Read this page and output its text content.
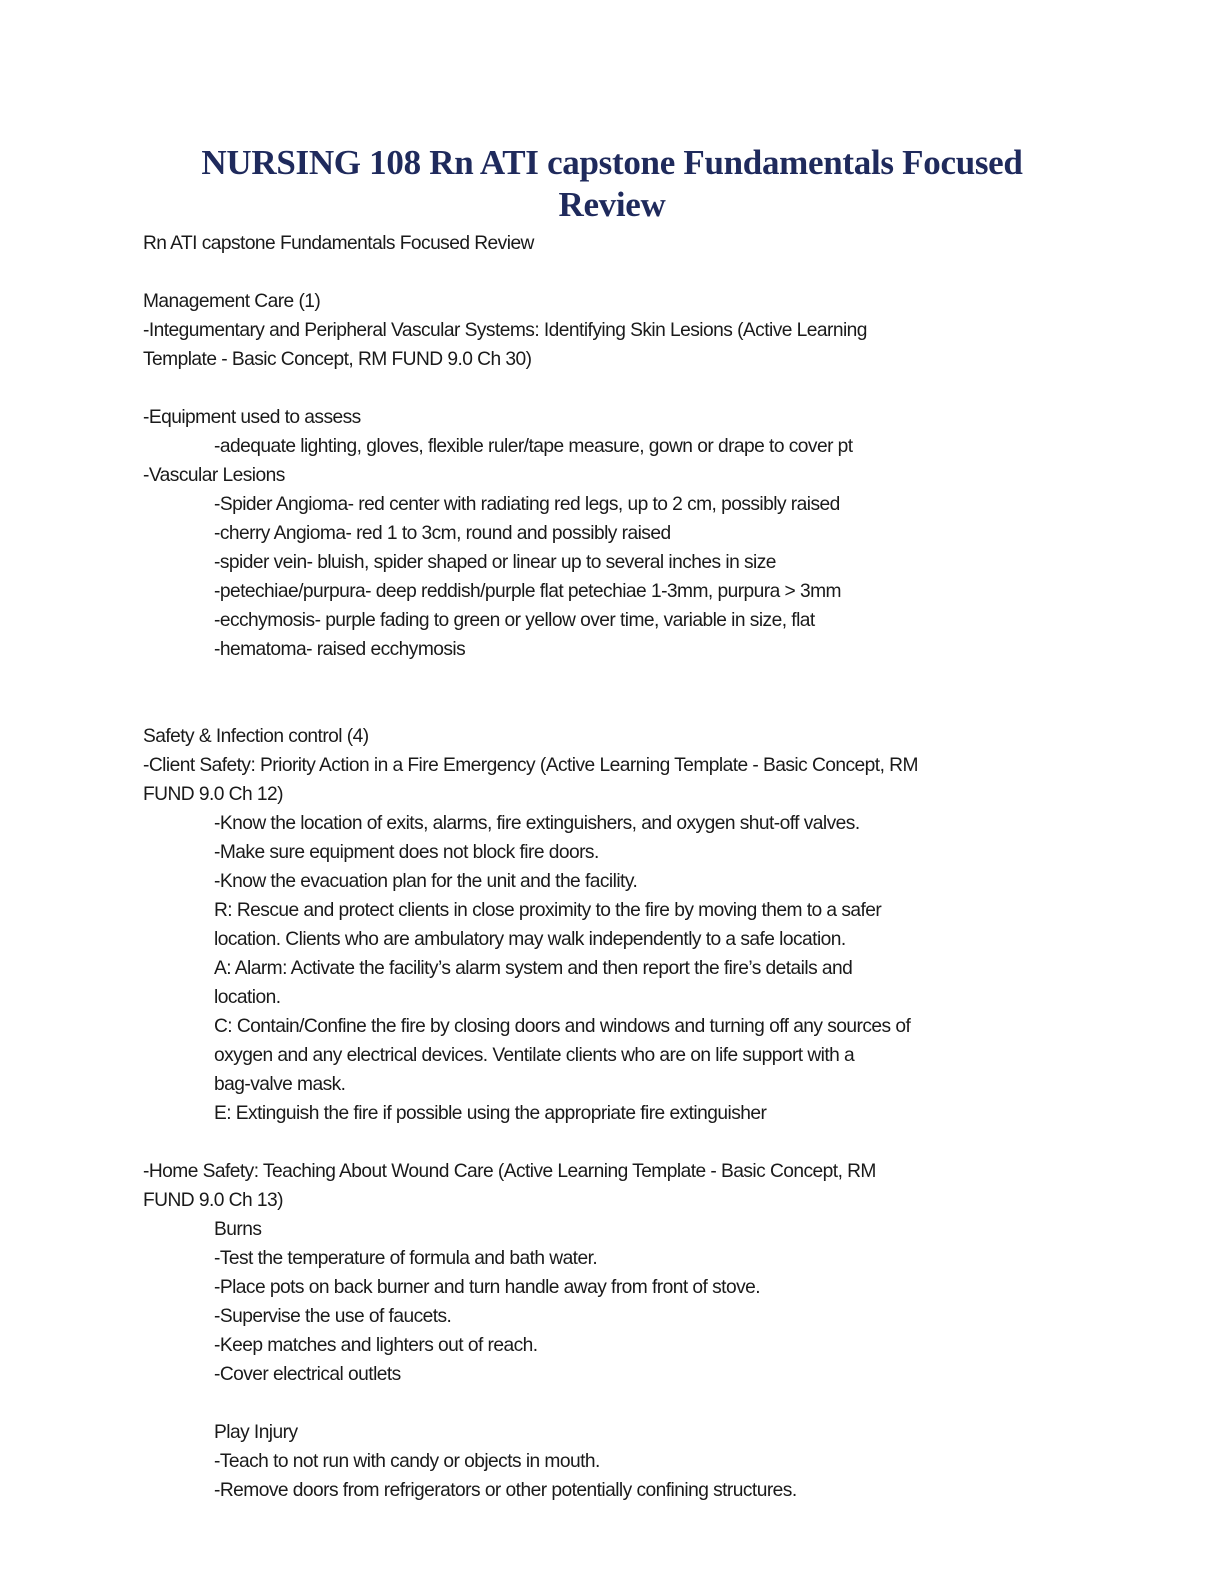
NURSING 108 Rn ATI capstone Fundamentals Focused
Review
Rn ATI capstone Fundamentals Focused Review
Management Care (1)
-Integumentary and Peripheral Vascular Systems: Identifying Skin Lesions (Active Learning
Template - Basic Concept, RM FUND 9.0 Ch 30)
-Equipment used to assess
-adequate lighting, gloves, flexible ruler/tape measure, gown or drape to cover pt
-Vascular Lesions
-Spider Angioma- red center with radiating red legs, up to 2 cm, possibly raised
-cherry Angioma- red 1 to 3cm, round and possibly raised
-spider vein- bluish, spider shaped or linear up to several inches in size
-petechiae/purpura- deep reddish/purple flat petechiae 1-3mm, purpura > 3mm
-ecchymosis- purple fading to green or yellow over time, variable in size, flat
-hematoma- raised ecchymosis
Safety & Infection control (4)
-Client Safety: Priority Action in a Fire Emergency (Active Learning Template - Basic Concept, RM
FUND 9.0 Ch 12)
-Know the location of exits, alarms, fire extinguishers, and oxygen shut-off valves.
-Make sure equipment does not block fire doors.
-Know the evacuation plan for the unit and the facility.
R: Rescue and protect clients in close proximity to the fire by moving them to a safer
location. Clients who are ambulatory may walk independently to a safe location.
A: Alarm: Activate the facility’s alarm system and then report the fire’s details and
location.
C: Contain/Confine the fire by closing doors and windows and turning off any sources of
oxygen and any electrical devices. Ventilate clients who are on life support with a
bag-valve mask.
E: Extinguish the fire if possible using the appropriate fire extinguisher
-Home Safety: Teaching About Wound Care (Active Learning Template - Basic Concept, RM
FUND 9.0 Ch 13)
Burns
-Test the temperature of formula and bath water.
-Place pots on back burner and turn handle away from front of stove.
-Supervise the use of faucets.
-Keep matches and lighters out of reach.
-Cover electrical outlets
Play Injury
-Teach to not run with candy or objects in mouth.
-Remove doors from refrigerators or other potentially confining structures.
